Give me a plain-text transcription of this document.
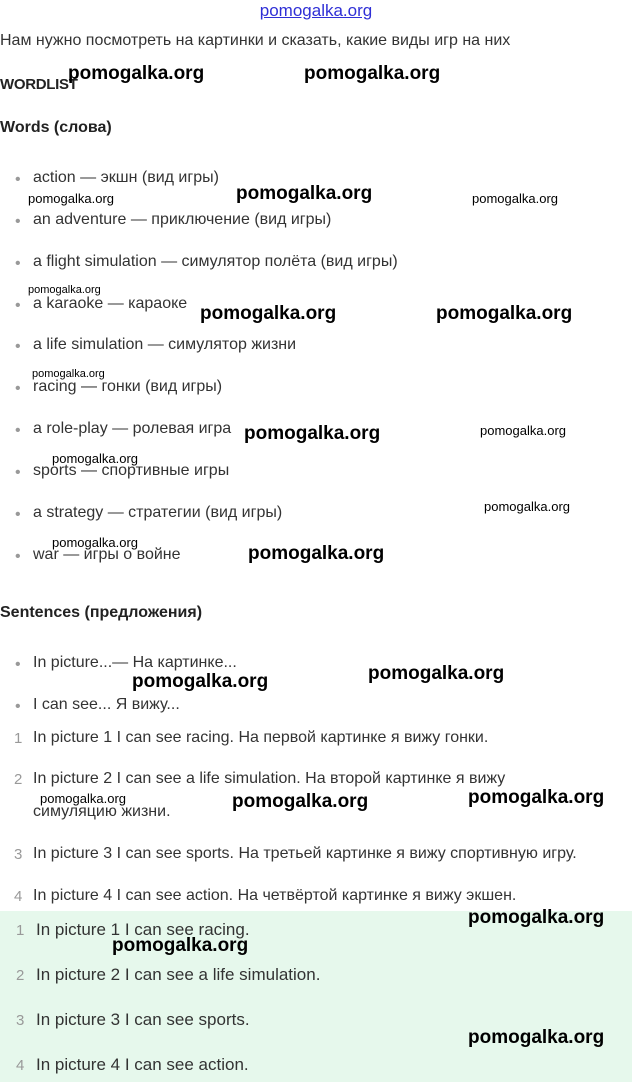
pomogalka.org
Нам нужно посмотреть на картинки и сказать, какие виды игр на них
WORDLIST
Words (слова)
• action — экшн (вид игры)
• an adventure — приключение (вид игры)
• a flight simulation — симулятор полёта (вид игры)
• a karaoke — караоке
• a life simulation — симулятор жизни
• racing — гонки (вид игры)
• a role-play — ролевая игра
• sports — спортивные игры
• a strategy — стратегии (вид игры)
• war — игры о войне
Sentences (предложения)
• In picture...— На картинке...
• I can see... Я вижу...
1 In picture 1 I can see racing. На первой картинке я вижу гонки.
2 In picture 2 I can see a life simulation. На второй картинке я вижу
симуляцию жизни.
3 In picture 3 I can see sports. На третьей картинке я вижу спортивную игру.
4 In picture 4 I can see action. На четвёртой картинке я вижу экшен.
1 In picture 1 I can see racing.
2 In picture 2 I can see a life simulation.
3 In picture 3 I can see sports.
4 In picture 4 I can see action.
pomogalka.org	pomogalka.org
pomogalka.org
pomogalka.org	pomogalka.org
pomogalka.org
pomogalka.org	pomogalka.org
pomogalka.org
pomogalka.org	pomogalka.org
pomogalka.org
pomogalka.org
pomogalka.org
pomogalka.org
pomogalka.org
pomogalka.org
pomogalka.org	pomogalka.org	pomogalka.org
pomogalka.org
pomogalka.org
pomogalka.org
